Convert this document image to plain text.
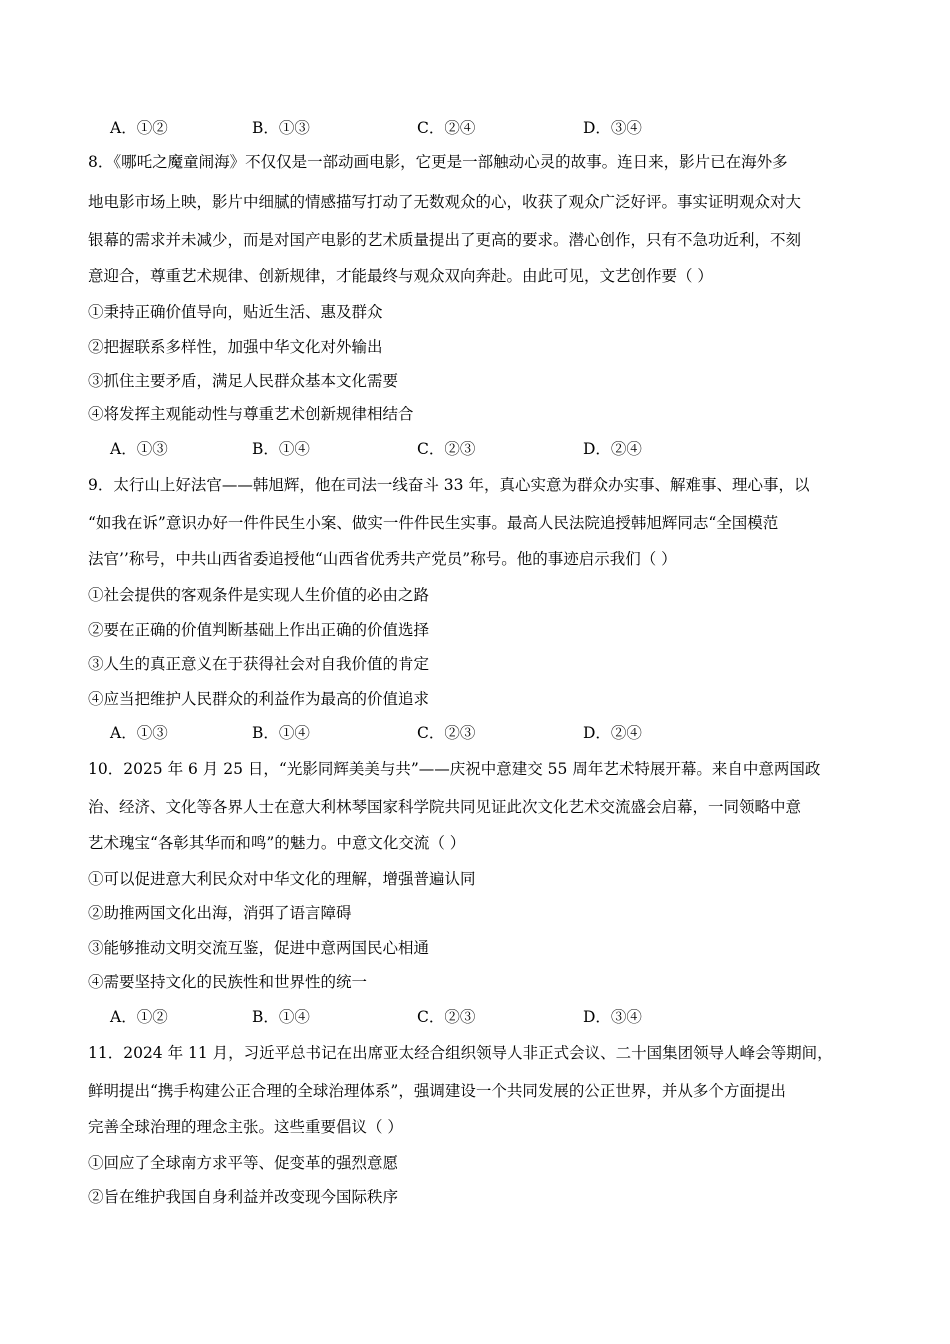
A．①②	B．①③	C．②④	D．③④
8．《哪吒之魔童闹海》不仅仅是一部动画电影，它更是一部触动心灵的故事。连日来，影片已在海外多
地电影市场上映，影片中细腻的情感描写打动了无数观众的心，收获了观众广泛好评。事实证明观众对大
银幕的需求并未减少，而是对国产电影的艺术质量提出了更高的要求。潜心创作，只有不急功近利，不刻
意迎合，尊重艺术规律、创新规律，才能最终与观众双向奔赴。由此可见，文艺创作要（ ）
①秉持正确价值导向，贴近生活、惠及群众
②把握联系多样性，加强中华文化对外输出
③抓住主要矛盾，满足人民群众基本文化需要
④将发挥主观能动性与尊重艺术创新规律相结合
A．①③	B．①④	C．②③	D．②④
9．太行山上好法官——韩旭辉，他在司法一线奋斗 33 年，真心实意为群众办实事、解难事、理心事，以
“如我在诉”意识办好一件件民生小案、做实一件件民生实事。最高人民法院追授韩旭辉同志“全国模范
法官’’称号，中共山西省委追授他“山西省优秀共产党员”称号。他的事迹启示我们（ ）
①社会提供的客观条件是实现人生价值的必由之路
②要在正确的价值判断基础上作出正确的价值选择
③人生的真正意义在于获得社会对自我价值的肯定
④应当把维护人民群众的利益作为最高的价值追求
A．①③	B．①④	C．②③	D．②④
10．2025 年 6 月 25 日，“光影同辉美美与共”——庆祝中意建交 55 周年艺术特展开幕。来自中意两国政
治、经济、文化等各界人士在意大利林琴国家科学院共同见证此次文化艺术交流盛会启幕，一同领略中意
艺术瑰宝“各彰其华而和鸣”的魅力。中意文化交流（ ）
①可以促进意大利民众对中华文化的理解，增强普遍认同
②助推两国文化出海，消弭了语言障碍
③能够推动文明交流互鉴，促进中意两国民心相通
④需要坚持文化的民族性和世界性的统一
A．①②	B．①④	C．②③	D．③④
11．2024 年 11 月，习近平总书记在出席亚太经合组织领导人非正式会议、二十国集团领导人峰会等期间，
鲜明提出“携手构建公正合理的全球治理体系”，强调建设一个共同发展的公正世界，并从多个方面提出
完善全球治理的理念主张。这些重要倡议（ ）
①回应了全球南方求平等、促变革的强烈意愿
②旨在维护我国自身利益并改变现今国际秩序
